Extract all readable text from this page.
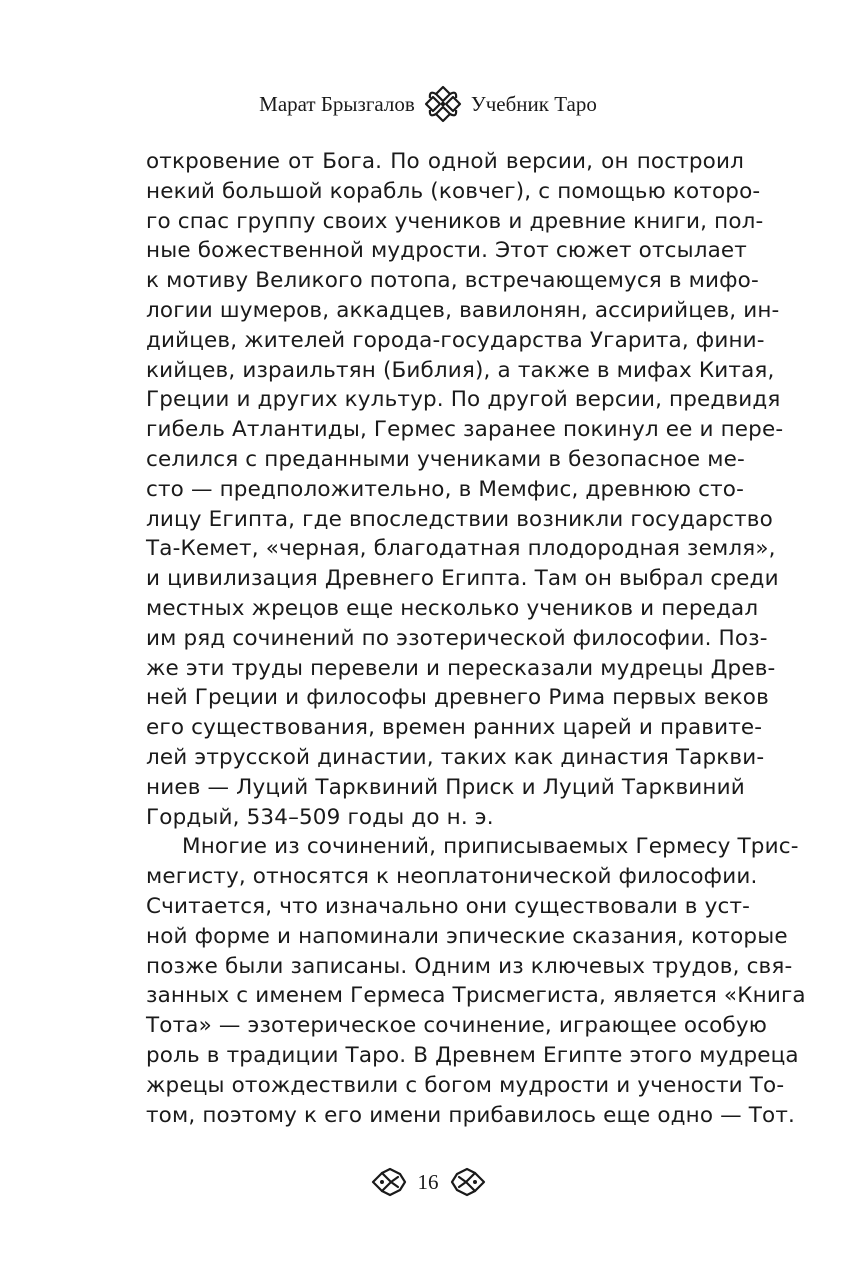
Марат Брызгалов	Учебник Таро
откровение от Бога. По одной версии, он построил
некий большой корабль (ковчег), с помощью которо-
го спас группу своих учеников и древние книги, пол-
ные божественной мудрости. Этот сюжет отсылает
к мотиву Великого потопа, встречающемуся в мифо-
логии шумеров, аккадцев, вавилонян, ассирийцев, ин-
дийцев, жителей города-государства Угарита, фини-
кийцев, израильтян (Библия), а также в мифах Китая,
Греции и других культур. По другой версии, предвидя
гибель Атлантиды, Гермес заранее покинул ее и пере-
селился с преданными учениками в безопасное ме-
сто — предположительно, в Мемфис, древнюю сто-
лицу Египта, где впоследствии возникли государство
Та-Кемет, «черная, благодатная плодородная земля»,
и цивилизация Древнего Египта. Там он выбрал среди
местных жрецов еще несколько учеников и передал
им ряд сочинений по эзотерической философии. Поз-
же эти труды перевели и пересказали мудрецы Древ-
ней Греции и философы древнего Рима первых веков
его существования, времен ранних царей и правите-
лей этрусской династии, таких как династия Таркви-
ниев — Луций Тарквиний Приск и Луций Тарквиний
Гордый, 534–509 годы до н. э.
Многие из сочинений, приписываемых Гермесу Трис-
мегисту, относятся к неоплатонической философии.
Считается, что изначально они существовали в уст-
ной форме и напоминали эпические сказания, которые
позже были записаны. Одним из ключевых трудов, свя-
занных с именем Гермеса Трисмегиста, является «Книга
Тота» — эзотерическое сочинение, играющее особую
роль в традиции Таро. В Древнем Египте этого мудреца
жрецы отождествили с богом мудрости и учености То-
том, поэтому к его имени прибавилось еще одно — Тот.
16
